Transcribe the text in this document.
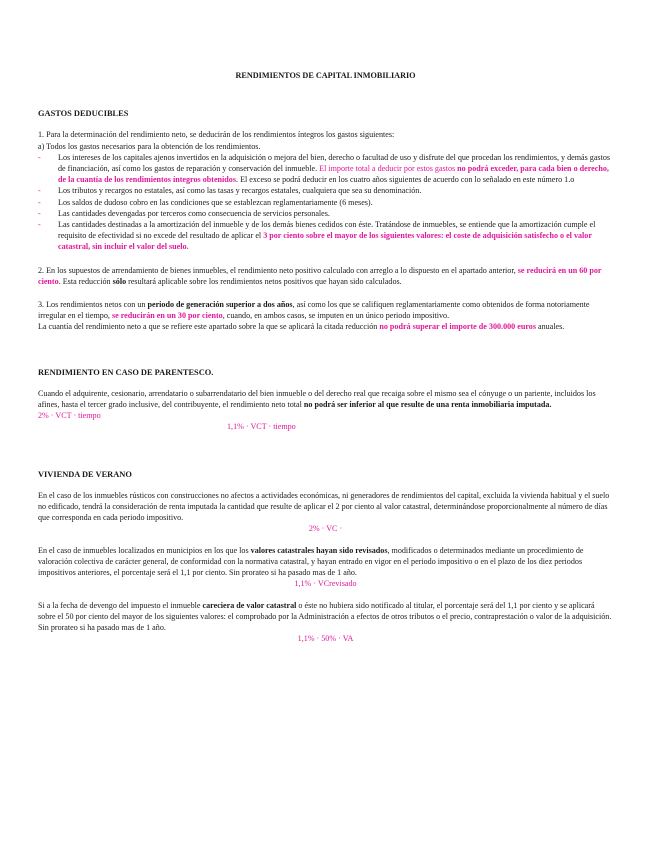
RENDIMIENTOS DE CAPITAL INMOBILIARIO
GASTOS DEDUCIBLES

1. Para la determinación del rendimiento neto, se deducirán de los rendimientos íntegros los gastos siguientes:

a) Todos los gastos necesarios para la obtención de los rendimientos.

- Los intereses de los capitales ajenos invertidos en la adquisición o mejora del bien, derecho o facultad de uso y disfrute del que procedan los rendimientos, y demás gastos de financiación, así como los gastos de reparación y conservación del inmueble. El importe total a deducir por estos gastos no podrá exceder, para cada bien o derecho, de la cuantía de los rendimientos íntegros obtenidos. El exceso se podrá deducir en los cuatro años siguientes de acuerdo con lo señalado en este número 1.o
- Los tributos y recargos no estatales, así como las tasas y recargos estatales, cualquiera que sea su denominación.
- Los saldos de dudoso cobro en las condiciones que se establezcan reglamentariamente (6 meses).
- Las cantidades devengadas por terceros como consecuencia de servicios personales.
- Las cantidades destinadas a la amortización del inmueble y de los demás bienes cedidos con éste. Tratándose de inmuebles, se entiende que la amortización cumple el requisito de efectividad si no excede del resultado de aplicar el 3 por ciento sobre el mayor de los siguientes valores: el coste de adquisición satisfecho o el valor catastral, sin incluir el valor del suelo.

2. En los supuestos de arrendamiento de bienes inmuebles, el rendimiento neto positivo calculado con arreglo a lo dispuesto en el apartado anterior, se reducirá en un 60 por ciento. Esta reducción sólo resultará aplicable sobre los rendimientos netos positivos que hayan sido calculados.

3. Los rendimientos netos con un periodo de generación superior a dos años, así como los que se califiquen reglamentariamente como obtenidos de forma notoriamente irregular en el tiempo, se reducirán en un 30 por ciento, cuando, en ambos casos, se imputen en un único periodo impositivo.

La cuantía del rendimiento neto a que se refiere este apartado sobre la que se aplicará la citada reducción no podrá superar el importe de 300.000 euros anuales.

RENDIMIENTO EN CASO DE PARENTESCO.

Cuando el adquirente, cesionario, arrendatario o subarrendatario del bien inmueble o del derecho real que recaiga sobre el mismo sea el cónyuge o un pariente, incluidos los afines, hasta el tercer grado inclusive, del contribuyente, el rendimiento neto total no podrá ser inferior al que resulte de una renta inmobiliaria imputada.2% · VCT · tiempo

1,1% · VCT · tiempo

VIVIENDA DE VERANO

En el caso de los inmuebles rústicos con construcciones no afectos a actividades económicas, ni generadores de rendimientos del capital, excluida la vivienda habitual y el suelo no edificado, tendrá la consideración de renta imputada la cantidad que resulte de aplicar el 2 por ciento al valor catastral, determinándose proporcionalmente al número de días que corresponda en cada periodo impositivo.

2% · VC ·

En el caso de inmuebles localizados en municipios en los que los valores catastrales hayan sido revisados, modificados o determinados mediante un procedimiento de valoración colectiva de carácter general, de conformidad con la normativa catastral, y hayan entrado en vigor en el periodo impositivo o en el plazo de los diez periodos impositivos anteriores, el porcentaje será el 1,1 por ciento. Sin prorateo si ha pasado mas de 1 año.

1,1% · VCrevisado

Si a la fecha de devengo del impuesto el inmueble careciera de valor catastral o éste no hubiera sido notificado al titular, el porcentaje será del 1,1 por ciento y se aplicará sobre el 50 por ciento del mayor de los siguientes valores: el comprobado por la Administración a efectos de otros tributos o el precio, contraprestación o valor de la adquisición. Sin prorateo si ha pasado mas de 1 año.

1,1% · 50% · VA
